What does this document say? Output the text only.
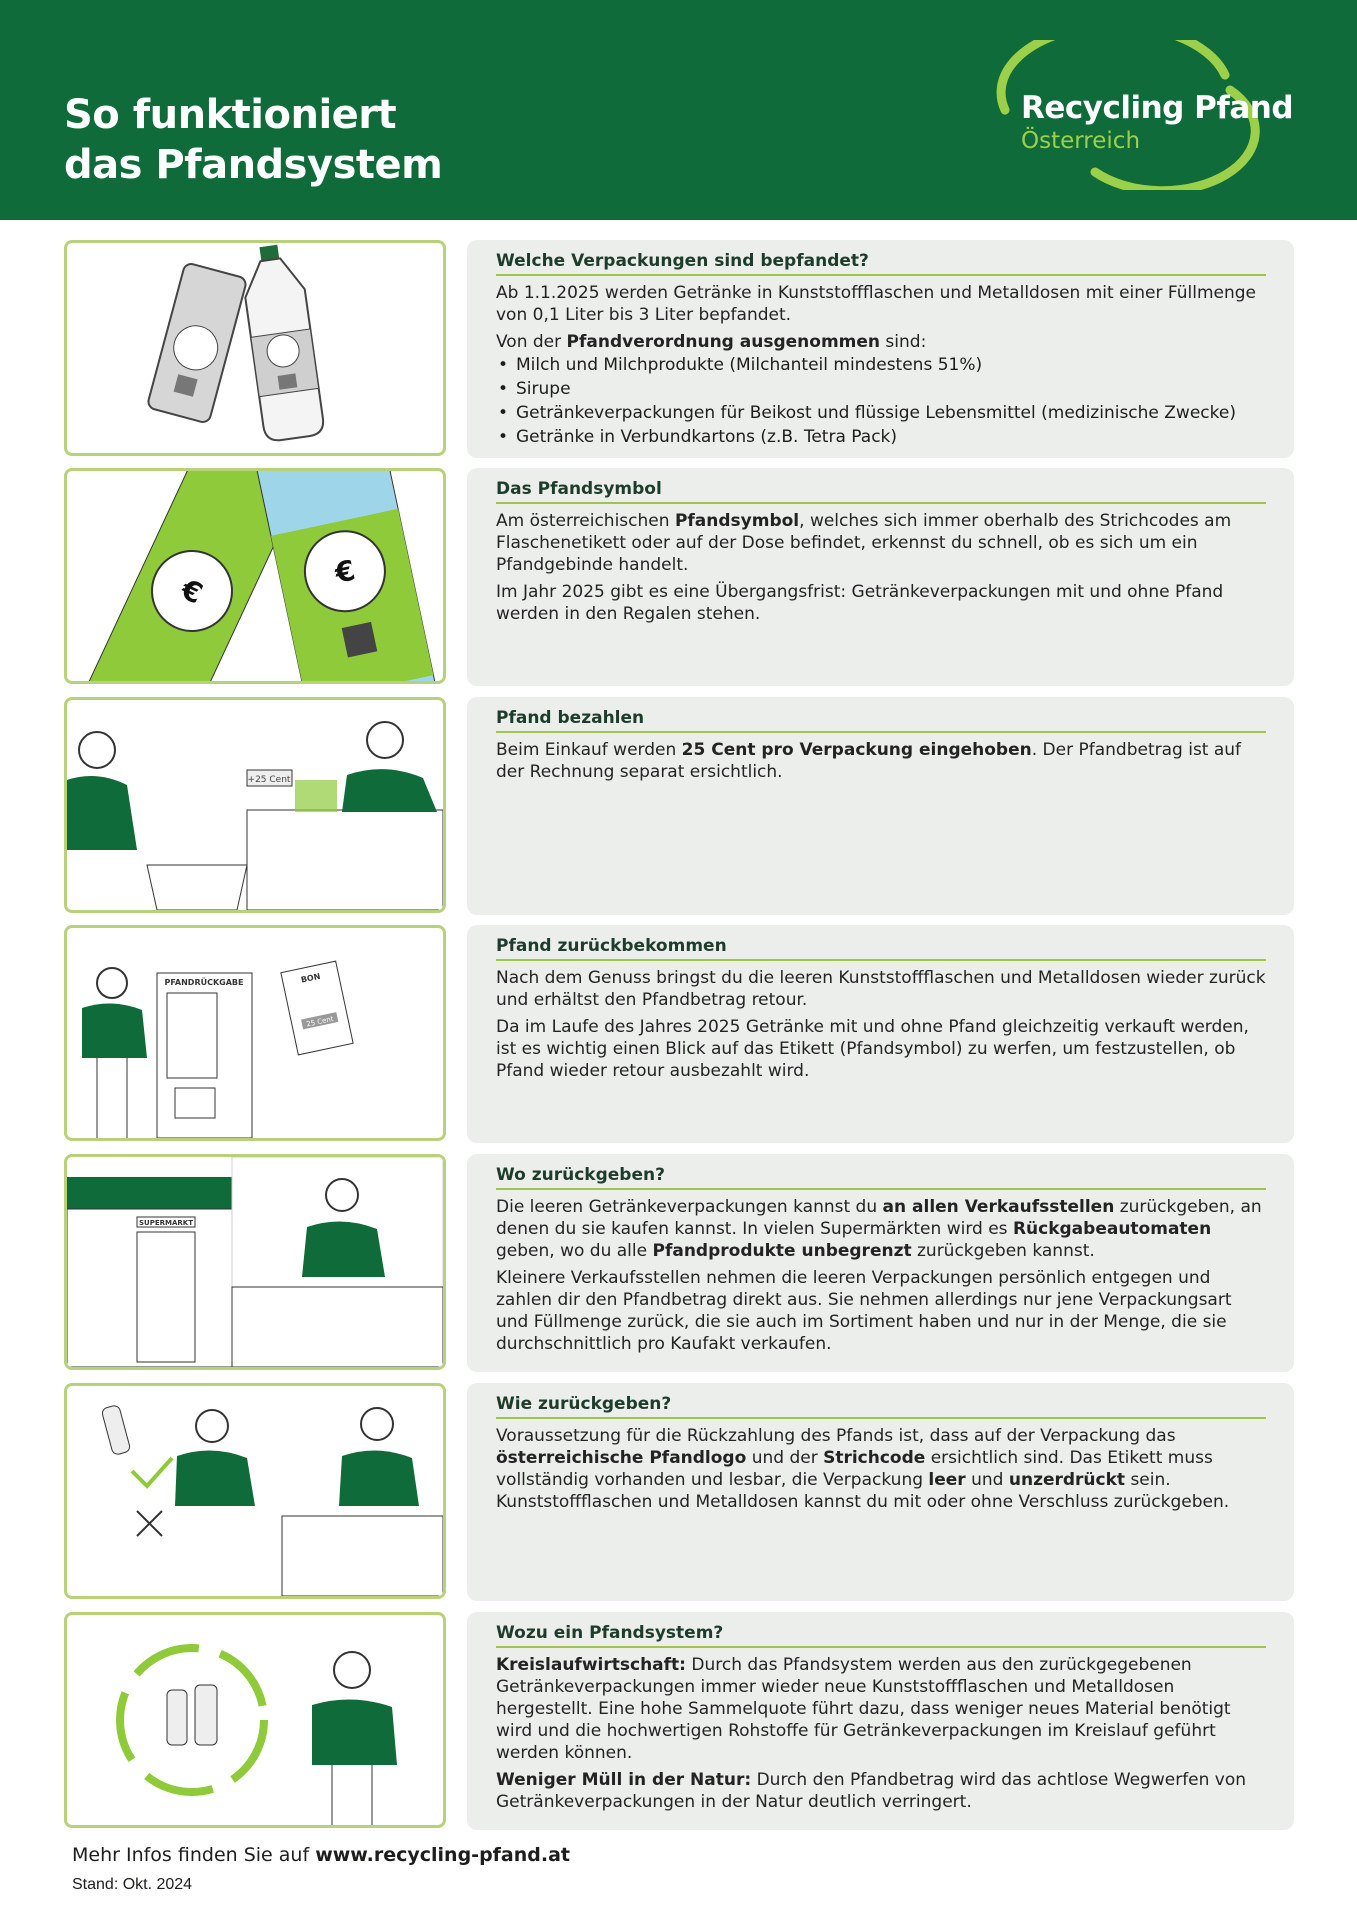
So funktioniert
das Pfandsystem
Recycling Pfand
Österreich
Welche Verpackungen sind bepfandet?

Ab 1.1.2025 werden Getränke in Kunststoffflaschen und Metalldosen mit einer Füllmenge von 0,1 Liter bis 3 Liter bepfandet.

Von der Pfandverordnung ausgenommen sind:

• Milch und Milchprodukte (Milchanteil mindestens 51%)
• Sirupe
• Getränkeverpackungen für Beikost und flüssige Lebensmittel (medizinische Zwecke)
• Getränke in Verbundkartons (z.B. Tetra Pack)
€
€
Das Pfandsymbol

Am österreichischen Pfandsymbol, welches sich immer oberhalb des Strichcodes am Flaschenetikett oder auf der Dose befindet, erkennst du schnell, ob es sich um ein Pfandgebinde handelt.

Im Jahr 2025 gibt es eine Übergangsfrist: Getränkeverpackungen mit und ohne Pfand werden in den Regalen stehen.

+25 Cent
Pfand bezahlen

Beim Einkauf werden 25 Cent pro Verpackung eingehoben. Der Pfandbetrag ist auf der Rechnung separat ersichtlich.

PFANDRÜCKGABE	BON
25 Cent
Pfand zurückbekommen

Nach dem Genuss bringst du die leeren Kunststoffflaschen und Metalldosen wieder zurück und erhältst den Pfandbetrag retour.

Da im Laufe des Jahres 2025 Getränke mit und ohne Pfand gleichzeitig verkauft werden, ist es wichtig einen Blick auf das Etikett (Pfandsymbol) zu werfen, um festzustellen, ob Pfand wieder retour ausbezahlt wird.

SUPERMARKT
Wo zurückgeben?

Die leeren Getränkeverpackungen kannst du an allen Verkaufsstellen zurückgeben, an denen du sie kaufen kannst. In vielen Supermärkten wird es Rückgabeautomaten geben, wo du alle Pfandprodukte unbegrenzt zurückgeben kannst.

Kleinere Verkaufsstellen nehmen die leeren Verpackungen persönlich entgegen und zahlen dir den Pfandbetrag direkt aus. Sie nehmen allerdings nur jene Verpackungsart und Füllmenge zurück, die sie auch im Sortiment haben und nur in der Menge, die sie durchschnittlich pro Kaufakt verkaufen.

Wie zurückgeben?

Voraussetzung für die Rückzahlung des Pfands ist, dass auf der Verpackung das österreichische Pfandlogo und der Strichcode ersichtlich sind. Das Etikett muss vollständig vorhanden und lesbar, die Verpackung leer und unzerdrückt sein. Kunststoffflaschen und Metalldosen kannst du mit oder ohne Verschluss zurückgeben.

Wozu ein Pfandsystem?

Kreislaufwirtschaft: Durch das Pfandsystem werden aus den zurückgegebenen Getränkeverpackungen immer wieder neue Kunststoffflaschen und Metalldosen hergestellt. Eine hohe Sammelquote führt dazu, dass weniger neues Material benötigt wird und die hochwertigen Rohstoffe für Getränkeverpackungen im Kreislauf geführt werden können.

Weniger Müll in der Natur: Durch den Pfandbetrag wird das achtlose Wegwerfen von Getränkeverpackungen in der Natur deutlich verringert.

Mehr Infos finden Sie auf www.recycling-pfand.at
Stand: Okt. 2024
